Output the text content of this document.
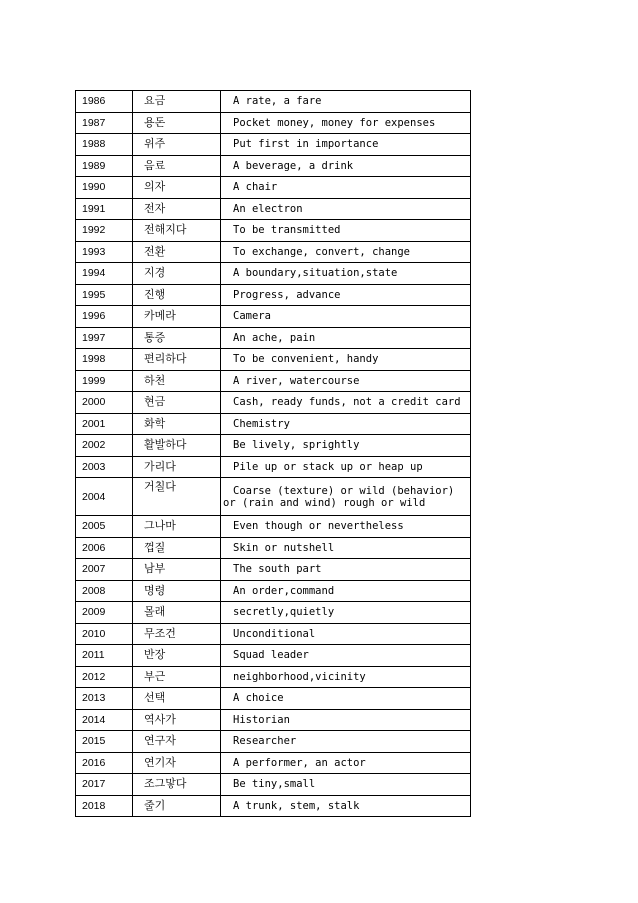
1986	요금	A rate, a fare
1987	용돈	Pocket money, money for expenses
1988	위주	Put first in importance
1989	음료	A beverage, a drink
1990	의자	A chair
1991	전자	An electron
1992	전해지다	To be transmitted
1993	전환	To exchange, convert, change
1994	지경	A boundary,situation,state
1995	진행	Progress, advance
1996	카메라	Camera
1997	통증	An ache, pain
1998	편리하다	To be convenient, handy
1999	하천	A river, watercourse
2000	현금	Cash, ready funds, not a credit card
2001	화학	Chemistry
2002	활발하다	Be lively, sprightly
2003	가리다	Pile up or stack up or heap up
2004	거칠다	Coarse (texture) or wild (behavior)
or (rain and wind) rough or wild

2005	그나마	Even though or nevertheless
2006	껍질	Skin or nutshell
2007	남부	The south part
2008	명령	An order,command
2009	몰래	secretly,quietly
2010	무조건	Unconditional
2011	반장	Squad leader
2012	부근	neighborhood,vicinity
2013	선택	A choice
2014	역사가	Historian
2015	연구자	Researcher
2016	연기자	A performer, an actor
2017	조그맣다	Be tiny,small
2018	줄기	A trunk, stem, stalk
